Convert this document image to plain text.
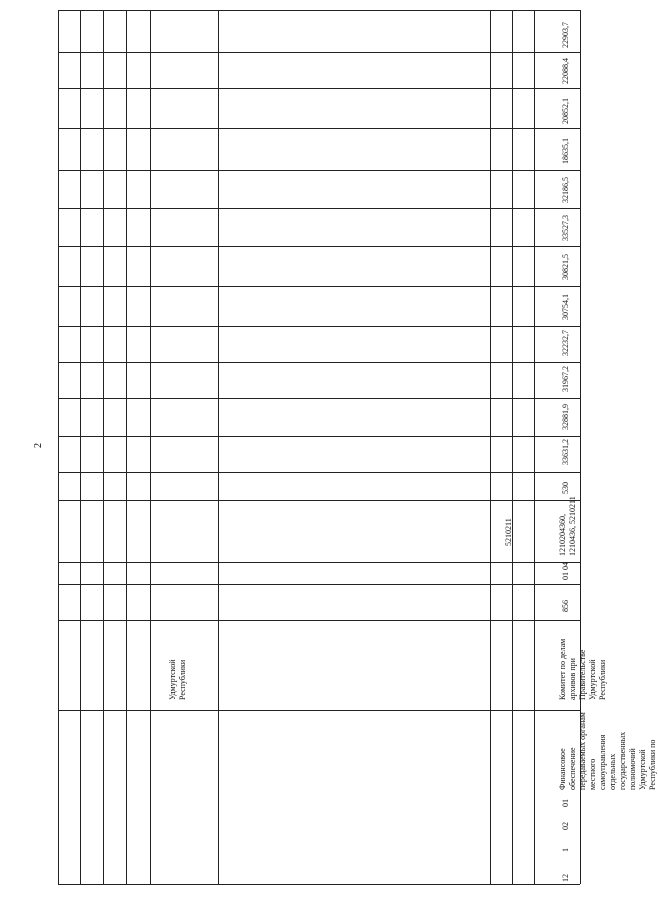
2
5210211
Удмуртской Республики
12
1
02
01
Финансовое обеспечение передаваемых органам местного самоуправления отдельных государственных полномочий Удмуртской Республики по
Комитет по делам архивов при Правительстве Удмуртской Республики
856
01 04
1210204360, 1210436, 5210211
530
33631,2
32881,9
31967,2
32232,7
30754,1
30821,5
33527,3
32186,5
18635,1
20852,1
22088,4
22903,7
